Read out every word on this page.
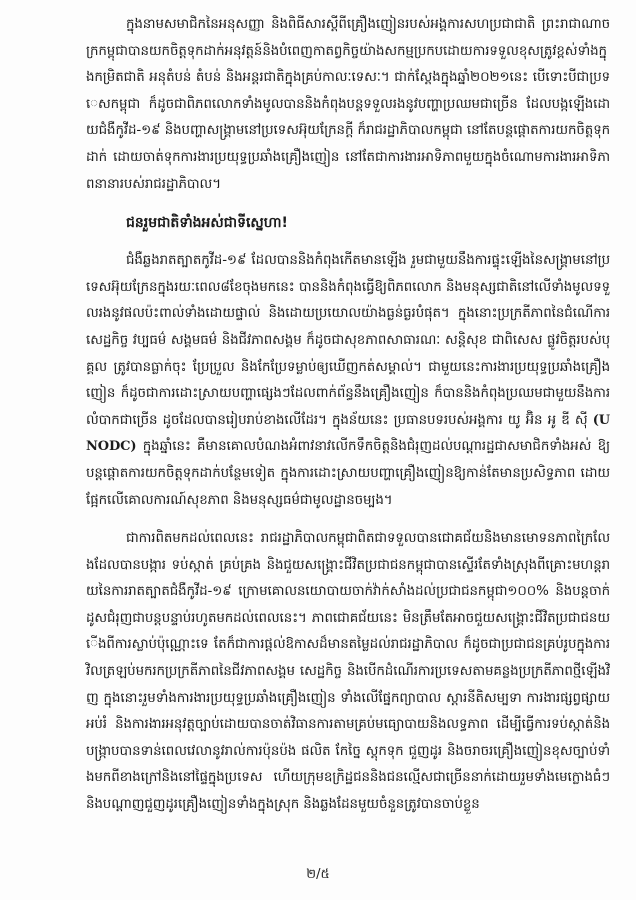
ក្នុងនាមសមាជិកនៃអនុសញ្ញា និងពិធីសារស្តីពីគ្រឿងញៀនរបស់អង្គការសហប្រជាជាតិ ព្រះរាជាណាចក្រកម្ពុជាបានយកចិត្តទុកដាក់អនុវត្តន៍និងបំពេញកាតព្វកិច្ចយ៉ាងសកម្មប្រកបដោយការទទួលខុសត្រូវខ្ពស់ទាំងក្នុងកម្រិតជាតិ អនុតំបន់ តំបន់ និងអន្តរជាតិក្នុងគ្រប់កាលៈទេសៈ។ ជាក់ស្តែងក្នុងឆ្នាំ២០២១នេះ បើទោះបីជាប្រទេសកម្ពុជា ក៏ដូចជាពិភពលោកទាំងមូលបាននិងកំពុងបន្តទទួលរងនូវបញ្ហាប្រឈមជាច្រើន ដែលបង្កឡើងដោយជំងឺកូវីដ-១៩ និងបញ្ហាសង្គ្រាមនៅប្រទេសអ៊ុយក្រែនក្តី ក៏រាជរដ្ឋាភិបាលកម្ពុជា នៅតែបន្តផ្តោតការយកចិត្តទុកដាក់ ដោយចាត់ទុកការងារប្រយុទ្ធប្រឆាំងគ្រឿងញៀន នៅតែជាការងារអាទិភាពមួយក្នុងចំណោមការងារអាទិភាពនានារបស់រាជរដ្ឋាភិបាល។

ជនរួមជាតិទាំងអស់ជាទីស្នេហា!

ជំងឺឆ្លងរាតត្បាតកូវីដ-១៩ ដែលបាននិងកំពុងកើតមានឡើង រួមជាមួយនឹងការផ្ទុះឡើងនៃសង្គ្រាមនៅប្រទេសអ៊ុយក្រែនក្នុងរយៈពេល៨ខែចុងមកនេះ បាននិងកំពុងធ្វើឱ្យពិភពលោក និងមនុស្សជាតិនៅលើទាំងមូលទទួលរងនូវផលប៉ះពាល់ទាំងដោយផ្ទាល់ និងដោយប្រយោលយ៉ាងធ្ងន់ធ្ងរបំផុត។ ក្នុងនោះប្រក្រតីភាពនៃជំណើការសេដ្ឋកិច្ច វប្បធម៌ សង្គមធម៌ និងជីវភាពសង្គម ក៏ដូចជាសុខភាពសាធារណៈ សន្តិសុខ ជាពិសេស ផ្លូវចិត្តរបស់បុគ្គល ត្រូវបានធ្លាក់ចុះ ប្រែប្រួល និងកែប្រែទម្លាប់ឲ្យឃើញកត់សម្គាល់។ ជាមួយនេះការងារប្រយុទ្ធប្រឆាំងគ្រឿងញៀន ក៏ដូចជាការដោះស្រាយបញ្ហាផ្សេងៗដែលពាក់ព័ន្ធនឹងគ្រឿងញៀន ក៏បាននិងកំពុងប្រឈមជាមួយនឹងការលំបាកជាច្រើន ដូចដែលបានរៀបរាប់ខាងលើដែរ។ ក្នុងន័យនេះ ប្រធានបទរបស់អង្គការ យូ អ៊ិន អូ ឌី ស៊ី (UNODC) ក្នុងឆ្នាំនេះ គឺមានគោលបំណងអំពាវនាវលើកទឹកចិត្តនិងជំរុញដល់បណ្តារដ្ឋជាសមាជិកទាំងអស់ ឱ្យបន្តផ្តោតការយកចិត្តទុកដាក់បន្ថែមទៀត ក្នុងការដោះស្រាយបញ្ហាគ្រឿងញៀនឱ្យកាន់តែមានប្រសិទ្ធភាព ដោយផ្អែកលើគោលការណ៍សុខភាព និងមនុស្សធម៌ជាមូលដ្ឋានចម្បង។

ជាការពិតមកដល់ពេលនេះ រាជរដ្ឋាភិបាលកម្ពុជាពិតជាទទួលបានជោគជ័យនិងមានមោទនភាពក្រៃលែងដែលបានបង្ការ ទប់ស្កាត់ គ្រប់គ្រង និងជួយសង្គ្រោះជីវិតប្រជាជនកម្ពុជាបានស្ទើរតែទាំងស្រុងពីគ្រោះមហន្តរាយនៃការរាតត្បាតជំងឺកូវីដ-១៩ ក្រោមគោលនយោបាយចាក់វ៉ាក់សាំងដល់ប្រជាជនកម្ពុជា១០០% និងបន្តចាក់ដូសជំរុញជាបន្តបន្ទាប់រហូតមកដល់ពេលនេះ។ ភាពជោគជ័យនេះ មិនត្រឹមតែអាចជួយសង្គ្រោះជីវិតប្រជាជនយើងពីការស្លាប់ប៉ុណ្ណោះទេ តែក៏ជាការផ្តល់ឱកាសដ៏មានតម្លៃដល់រាជរដ្ឋាភិបាល ក៏ដូចជាប្រជាជនគ្រប់រូបក្នុងការវិលត្រឡប់មករកប្រក្រតីភាពនៃជីវភាពសង្គម សេដ្ឋកិច្ច និងបើកដំណើរការប្រទេសតាមគន្លងប្រក្រតីភាពថ្មីឡើងវិញ ក្នុងនោះរួមទាំងការងារប្រយុទ្ធប្រឆាំងគ្រឿងញៀន ទាំងលើផ្នែកព្យាបាល ស្តារនីតិសម្បទា ការងារផ្សព្វផ្សាយ អប់រំ និងការងារអនុវត្តច្បាប់ដោយបានចាត់វិធានការតាមគ្រប់មធ្យោបាយនិងលទ្ធភាព ដើម្បីធ្វើការទប់ស្កាត់និងបង្ក្រាបបានទាន់ពេលវេលានូវរាល់ការប៉ុនប៉ង ផលិត កែច្នៃ ស្តុកទុក ជួញដូរ និងចរាចរគ្រឿងញៀនខុសច្បាប់ទាំងមកពីខាងក្រៅនិងនៅផ្ទៃក្នុងប្រទេស ហើយក្រុមឧក្រិដ្ឋជននិងជនល្មើសជាច្រើននាក់ដោយរួមទាំងមេក្លោងធំៗ និងបណ្តាញជួញដូរគ្រឿងញៀនទាំងក្នុងស្រុក និងឆ្លងដែនមួយចំនួនត្រូវបានចាប់ខ្លួន

២/៥
